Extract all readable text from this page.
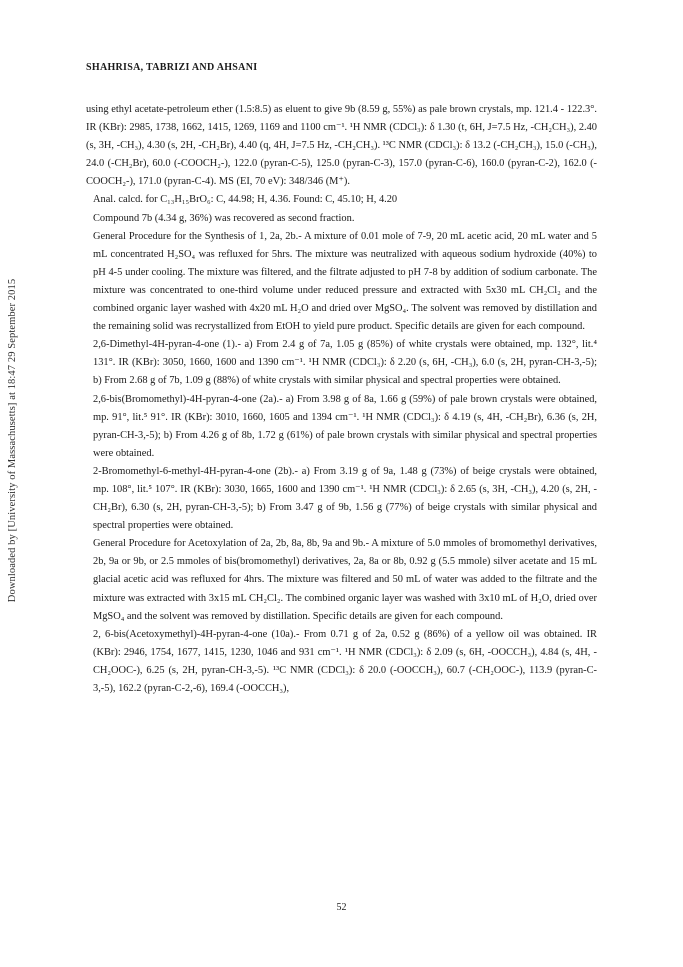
Downloaded by [University of Massachusetts] at 18:47 29 September 2015
SHAHRISA, TABRIZI AND AHSANI

using ethyl acetate-petroleum ether (1.5:8.5) as eluent to give 9b (8.59 g, 55%) as pale brown crystals, mp. 121.4 - 122.3°. IR (KBr): 2985, 1738, 1662, 1415, 1269, 1169 and 1100 cm⁻¹. ¹H NMR (CDCl₃): δ 1.30 (t, 6H, J=7.5 Hz, -CH₂CH₃), 2.40 (s, 3H, -CH₃), 4.30 (s, 2H, -CH₂Br), 4.40 (q, 4H, J=7.5 Hz, -CH₂CH₃). ¹³C NMR (CDCl₃): δ 13.2 (-CH₂CH₃), 15.0 (-CH₃), 24.0 (-CH₂Br), 60.0 (-COOCH₂-), 122.0 (pyran-C-5), 125.0 (pyran-C-3), 157.0 (pyran-C-6), 160.0 (pyran-C-2), 162.0 (-COOCH₂-), 171.0 (pyran-C-4). MS (EI, 70 eV): 348/346 (M⁺).

Anal. calcd. for C₁₃H₁₅BrO₆: C, 44.98; H, 4.36. Found: C, 45.10; H, 4.20

Compound 7b (4.34 g, 36%) was recovered as second fraction.

General Procedure for the Synthesis of 1, 2a, 2b.- A mixture of 0.01 mole of 7-9, 20 mL acetic acid, 20 mL water and 5 mL concentrated H₂SO₄ was refluxed for 5hrs. The mixture was neutralized with aqueous sodium hydroxide (40%) to pH 4-5 under cooling. The mixture was filtered, and the filtrate adjusted to pH 7-8 by addition of sodium carbonate. The mixture was concentrated to one-third volume under reduced pressure and extracted with 5x30 mL CH₂Cl₂ and the combined organic layer washed with 4x20 mL H₂O and dried over MgSO₄. The solvent was removed by distillation and the remaining solid was recrystallized from EtOH to yield pure product. Specific details are given for each compound.

2,6-Dimethyl-4H-pyran-4-one (1).- a) From 2.4 g of 7a, 1.05 g (85%) of white crystals were obtained, mp. 132°, lit.⁴ 131°. IR (KBr): 3050, 1660, 1600 and 1390 cm⁻¹. ¹H NMR (CDCl₃): δ 2.20 (s, 6H, -CH₃), 6.0 (s, 2H, pyran-CH-3,-5); b) From 2.68 g of 7b, 1.09 g (88%) of white crystals with similar physical and spectral properties were obtained.

2,6-bis(Bromomethyl)-4H-pyran-4-one (2a).- a) From 3.98 g of 8a, 1.66 g (59%) of pale brown crystals were obtained, mp. 91°, lit.⁵ 91°. IR (KBr): 3010, 1660, 1605 and 1394 cm⁻¹. ¹H NMR (CDCl₃): δ 4.19 (s, 4H, -CH₂Br), 6.36 (s, 2H, pyran-CH-3,-5); b) From 4.26 g of 8b, 1.72 g (61%) of pale brown crystals with similar physical and spectral properties were obtained.

2-Bromomethyl-6-methyl-4H-pyran-4-one (2b).- a) From 3.19 g of 9a, 1.48 g (73%) of beige crystals were obtained, mp. 108°, lit.⁵ 107°. IR (KBr): 3030, 1665, 1600 and 1390 cm⁻¹. ¹H NMR (CDCl₃): δ 2.65 (s, 3H, -CH₃), 4.20 (s, 2H, -CH₂Br), 6.30 (s, 2H, pyran-CH-3,-5); b) From 3.47 g of 9b, 1.56 g (77%) of beige crystals with similar physical and spectral properties were obtained.

General Procedure for Acetoxylation of 2a, 2b, 8a, 8b, 9a and 9b.- A mixture of 5.0 mmoles of bromomethyl derivatives, 2b, 9a or 9b, or 2.5 mmoles of bis(bromomethyl) derivatives, 2a, 8a or 8b, 0.92 g (5.5 mmole) silver acetate and 15 mL glacial acetic acid was refluxed for 4hrs. The mixture was filtered and 50 mL of water was added to the filtrate and the mixture was extracted with 3x15 mL CH₂Cl₂. The combined organic layer was washed with 3x10 mL of H₂O, dried over MgSO₄ and the solvent was removed by distillation. Specific details are given for each compound.

2, 6-bis(Acetoxymethyl)-4H-pyran-4-one (10a).- From 0.71 g of 2a, 0.52 g (86%) of a yellow oil was obtained. IR (KBr): 2946, 1754, 1677, 1415, 1230, 1046 and 931 cm⁻¹. ¹H NMR (CDCl₃): δ 2.09 (s, 6H, -OOCCH₃), 4.84 (s, 4H, -CH₂OOC-), 6.25 (s, 2H, pyran-CH-3,-5). ¹³C NMR (CDCl₃): δ 20.0 (-OOCCH₃), 60.7 (-CH₂OOC-), 113.9 (pyran-C-3,-5), 162.2 (pyran-C-2,-6), 169.4 (-OOCCH₃),

52
